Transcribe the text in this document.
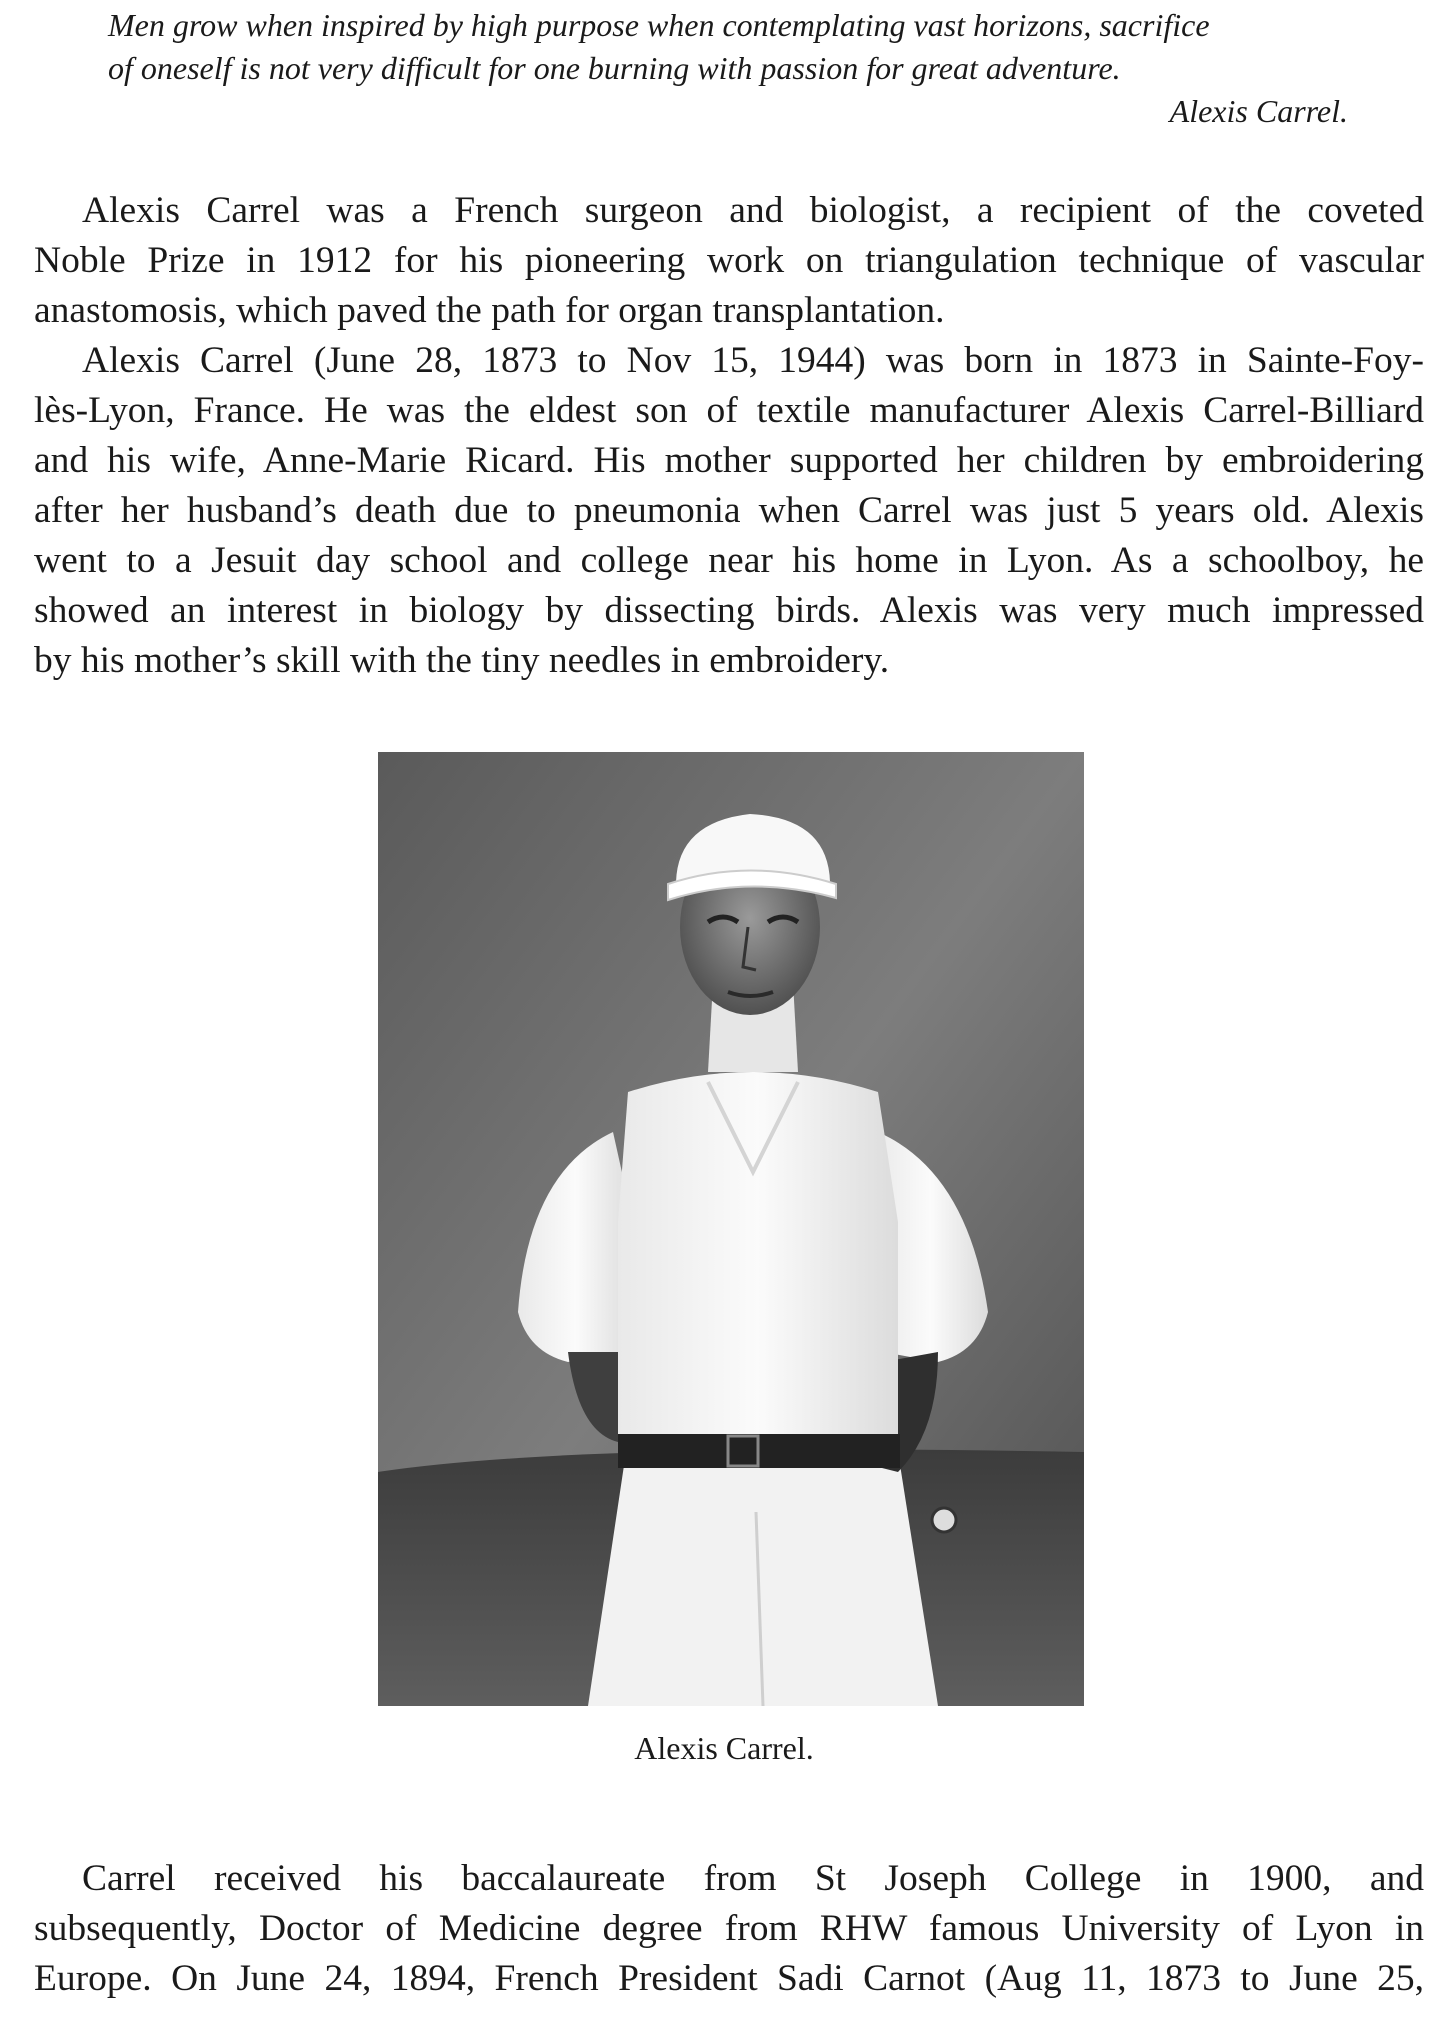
Men grow when inspired by high purpose when contemplating vast horizons, sacrifice
of oneself is not very difficult for one burning with passion for great adventure.
Alexis Carrel.
Alexis Carrel was a French surgeon and biologist, a recipient of the coveted
Noble Prize in 1912 for his pioneering work on triangulation technique of vascular
anastomosis, which paved the path for organ transplantation.
Alexis Carrel (June 28, 1873 to Nov 15, 1944) was born in 1873 in Sainte-Foy-
lès-Lyon, France. He was the eldest son of textile manufacturer Alexis Carrel-Billiard
and his wife, Anne-Marie Ricard. His mother supported her children by embroidering
after her husband’s death due to pneumonia when Carrel was just 5 years old. Alexis
went to a Jesuit day school and college near his home in Lyon. As a schoolboy, he
showed an interest in biology by dissecting birds. Alexis was very much impressed
by his mother’s skill with the tiny needles in embroidery.
Alexis Carrel.
Carrel received his baccalaureate from St Joseph College in 1900, and
subsequently, Doctor of Medicine degree from RHW famous University of Lyon in
Europe. On June 24, 1894, French President Sadi Carnot (Aug 11, 1873 to June 25,
